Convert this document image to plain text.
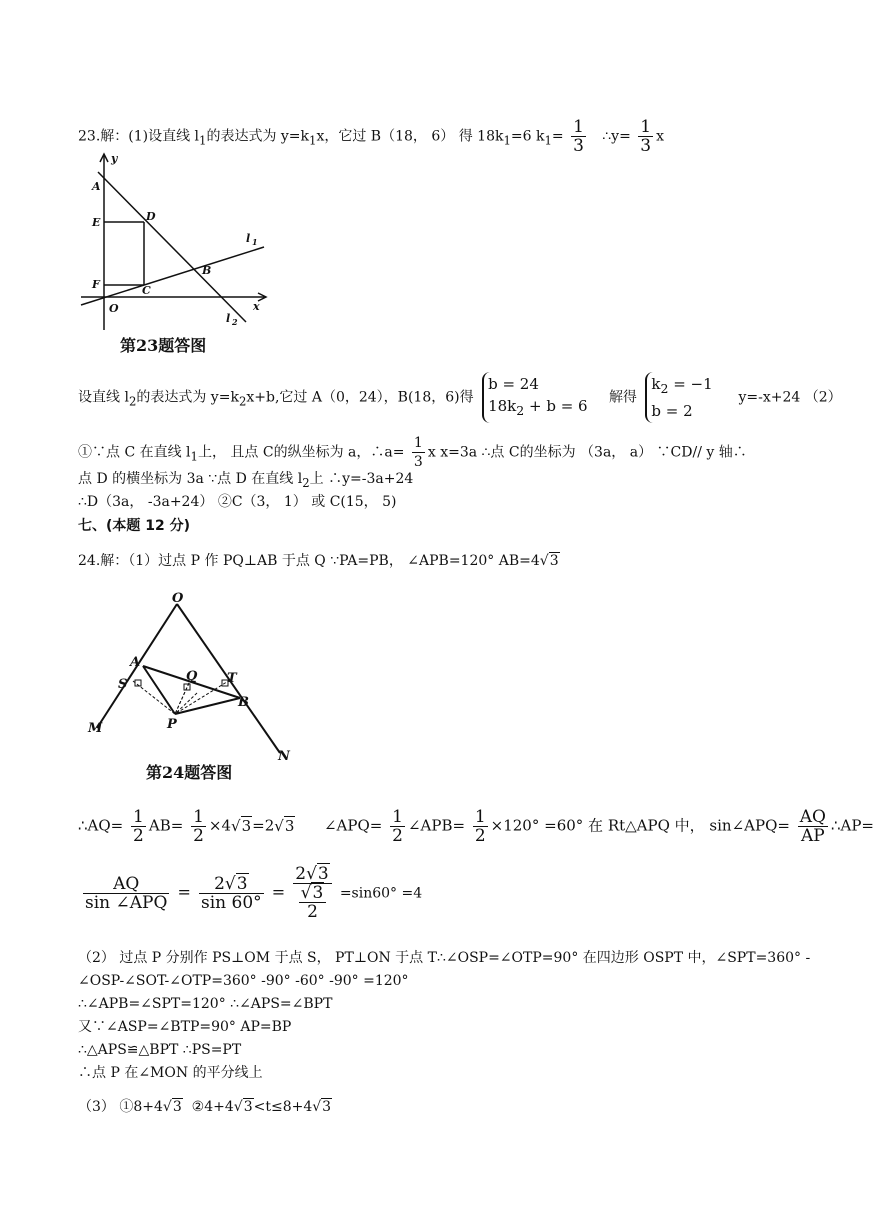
23.解：(1)设直线 $l_1$的表达式为 $y=k_1x$，它过 B（18， 6） 得 $18k_1=6$ $k_1= \frac{1}{3}$ ∴y= $\frac{1}{3}$ x
y
A
E	D
l 1
F	C
B
O	x
l 2
第23题答图
设直线 $l_2$的表达式为 $y=k_2x+b$,它过 A（0，24），B(18，6)得 b = 24
$18k_2 + b = 6$ 解得 $k_2 = -1$
b = 2    y=-x+24 （2）
①∵点 C 在直线 $l_1$上， 且点 C的纵坐标为 a，∴a= $\frac{1}{3}$ x x=3a ∴点 C的坐标为 （3a， a） ∵CD// y 轴∴
点 D 的横坐标为 3a ∵点 D 在直线 $l_2$上 ∴y=-3a+24
∴D（3a， -3a+24） ②C（3， 1） 或 C(15， 5)
七、(本题 12 分)
24.解：（1）过点 P 作 PQ⊥AB 于点 Q ∵PA=PB， ∠APB=120° AB=4√3
O
A
Q T
S
B
P
M
N
第24题答图
∴AQ= $\frac{1}{2} AB= \frac{1}{2} \times 4√3=2√3$ ∠APQ= $\frac{1}{2}$ ∠APB= $\frac{1}{2} \times 120^\circ =60^\circ$ 在 Rt△APQ 中， sin∠APQ= $\frac{AQ}{AP}$ ∴AP=
$\frac{AQ}{\text{sin ∠APQ}} = \frac{2√3}{\sin 60^\circ} = \frac{2√3}{\frac{√3}{2}} =\sin 60^\circ =4$
（2） 过点 P 分别作 PS⊥OM 于点 S， PT⊥ON 于点 T∴∠OSP=∠OTP=90° 在四边形 OSPT 中，∠SPT=360° -
∠OSP-∠SOT-∠OTP=360° -90° -60° -90° =120°
∴∠APB=∠SPT=120° ∴∠APS=∠BPT
又∵∠ASP=∠BTP=90° AP=BP
∴△APS≌△BPT ∴PS=PT
∴点 P 在∠MON 的平分线上
（3） ①8+4√3 ②4+4√3<t≤8+4√3
